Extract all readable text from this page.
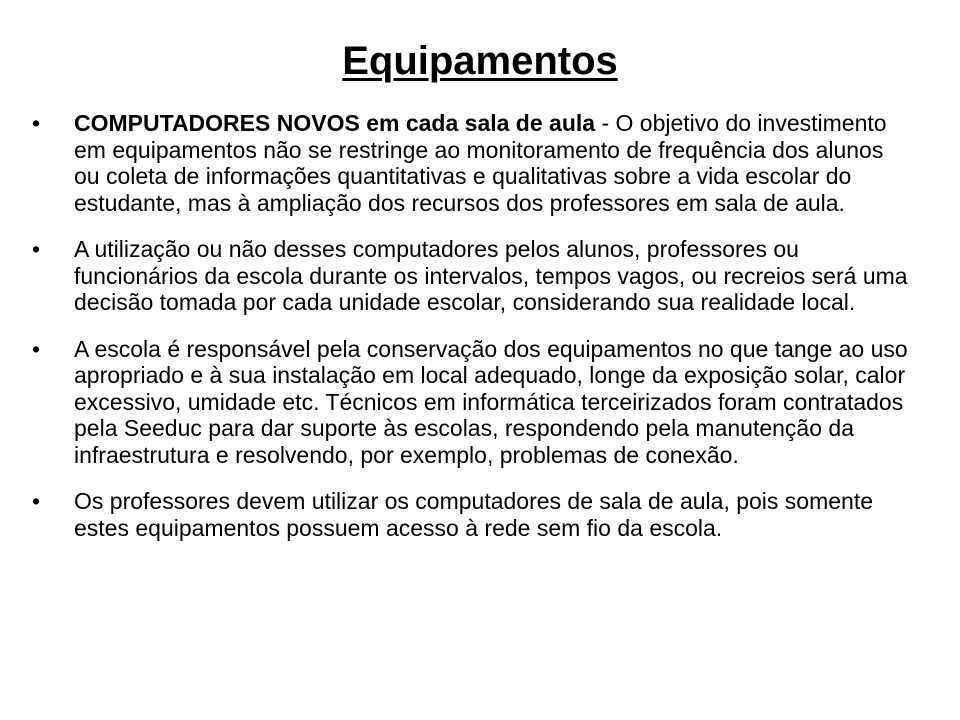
Equipamentos
•	COMPUTADORES NOVOS em cada sala de aula - O objetivo do investimento em equipamentos não se restringe ao monitoramento de frequência dos alunos ou coleta de informações quantitativas e qualitativas sobre a vida escolar do estudante, mas à ampliação dos recursos dos professores em sala de aula.
•	A utilização ou não desses computadores pelos alunos, professores ou funcionários da escola durante os intervalos, tempos vagos, ou recreios será uma decisão tomada por cada unidade escolar, considerando sua realidade local.
•	A escola é responsável pela conservação dos equipamentos no que tange ao uso apropriado e à sua instalação em local adequado, longe da exposição solar, calor excessivo, umidade etc. Técnicos em informática terceirizados foram contratados pela Seeduc para dar suporte às escolas, respondendo pela manutenção da infraestrutura e resolvendo, por exemplo, problemas de conexão.
•	Os professores devem utilizar os computadores de sala de aula, pois somente estes equipamentos possuem acesso à rede sem fio da escola.
